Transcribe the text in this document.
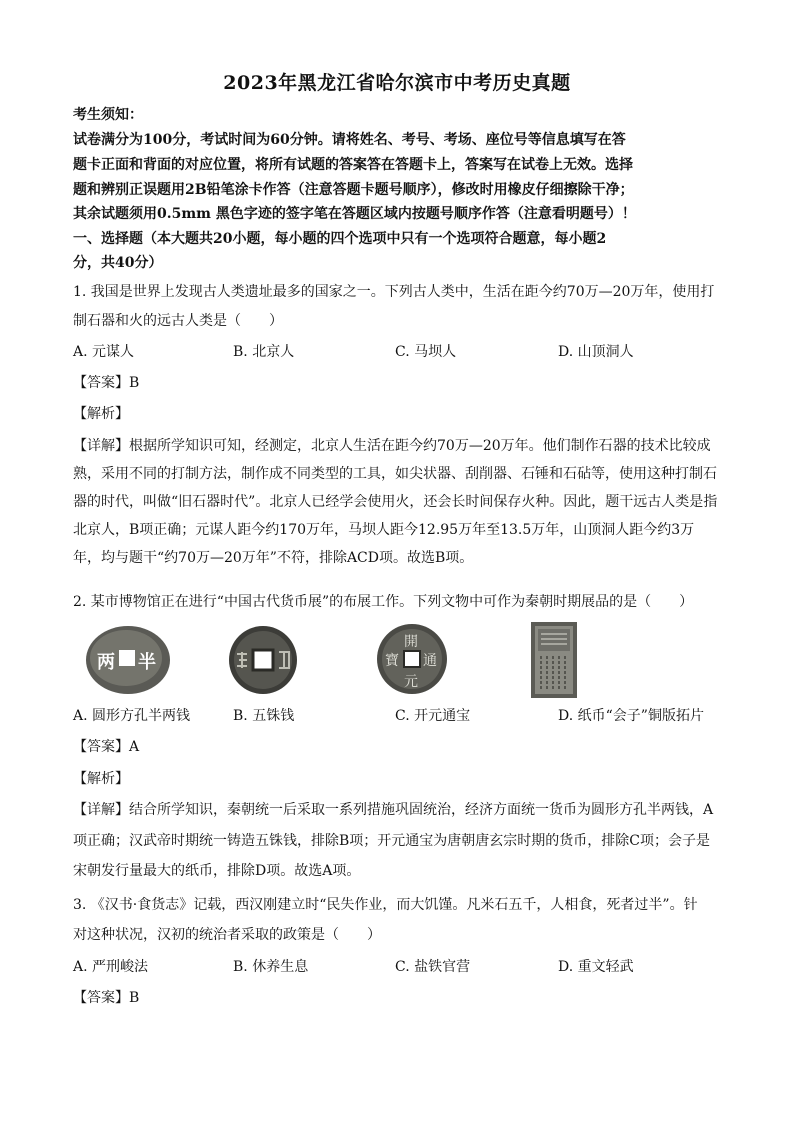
2023年黑龙江省哈尔滨市中考历史真题
考生须知：
试卷满分为100分，考试时间为60分钟。请将姓名、考号、考场、座位号等信息填写在答
题卡正面和背面的对应位置，将所有试题的答案答在答题卡上，答案写在试卷上无效。选择
题和辨别正误题用2B铅笔涂卡作答（注意答题卡题号顺序），修改时用橡皮仔细擦除干净；
其余试题须用0.5mm 黑色字迹的签字笔在答题区域内按题号顺序作答（注意看明题号）！
一、选择题（本大题共20小题，每小题的四个选项中只有一个选项符合题意，每小题2
分，共40分）
1. 我国是世界上发现古人类遗址最多的国家之一。下列古人类中，生活在距今约70万—20万年，使用打
制石器和火的远古人类是（　　）
A. 元谋人	B. 北京人	C. 马坝人	D. 山顶洞人
【答案】B
【解析】
【详解】根据所学知识可知，经测定，北京人生活在距今约70万—20万年。他们制作石器的技术比较成
熟，采用不同的打制方法，制作成不同类型的工具，如尖状器、刮削器、石锤和石砧等，使用这种打制石
器的时代，叫做“旧石器时代”。北京人已经学会使用火，还会长时间保存火种。因此，题干远古人类是指
北京人，B项正确；元谋人距今约170万年，马坝人距今12.95万年至13.5万年，山顶洞人距今约3万
年，均与题干“约70万—20万年”不符，排除ACD项。故选B项。
2. 某市博物馆正在进行“中国古代货币展”的布展工作。下列文物中可作为秦朝时期展品的是（　　）
两 半
開
通
元
寶
A. 圆形方孔半两钱	B. 五铢钱	C. 开元通宝	D. 纸币“会子”铜版拓片
【答案】A
【解析】
【详解】结合所学知识，秦朝统一后采取一系列措施巩固统治，经济方面统一货币为圆形方孔半两钱，A
项正确；汉武帝时期统一铸造五铢钱，排除B项；开元通宝为唐朝唐玄宗时期的货币，排除C项；会子是
宋朝发行量最大的纸币，排除D项。故选A项。
3. 《汉书·食货志》记载，西汉刚建立时“民失作业，而大饥馑。凡米石五千，人相食，死者过半”。针
对这种状况，汉初的统治者采取的政策是（　　）
A. 严刑峻法	B. 休养生息	C. 盐铁官营	D. 重文轻武
【答案】B
